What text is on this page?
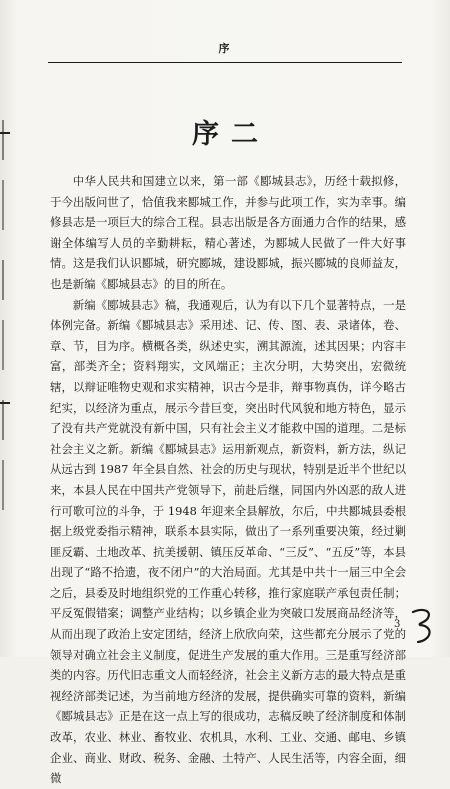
序
序二

中华人民共和国建立以来，第一部《郾城县志》，历经十载拟修，于今出版问世了，恰值我来郾城工作，并参与此项工作，实为幸事。编修县志是一项巨大的综合工程。县志出版是各方面通力合作的结果，感谢全体编写人员的辛勤耕耘，精心著述，为郾城人民做了一件大好事情。这是我们认识郾城，研究郾城，建设郾城，振兴郾城的良师益友，也是新编《郾城县志》的目的所在。

新编《郾城县志》稿，我通观后，认为有以下几个显著特点，一是体例完备。新编《郾城县志》采用述、记、传、图、表、录诸体，卷、章、节，目为序。横概各类，纵述史实，溯其源流，述其因果；内容丰富，部类齐全；资料翔实，文风端正；主次分明，大势突出，宏微统辖，以辩证唯物史观和求实精神，识古今是非，辩事物真伪，详今略古纪实，以经济为重点，展示今昔巨变，突出时代风貌和地方特色，显示了没有共产党就没有新中国，只有社会主义才能救中国的道理。二是标社会主义之新。新编《郾城县志》运用新观点，新资料，新方法，纵记从远古到 1987 年全县自然、社会的历史与现状，特别是近半个世纪以来，本县人民在中国共产党领导下，前赴后继，同国内外凶恶的敌人进行可歌可泣的斗争，于 1948 年迎来全县解放，尔后，中共郾城县委根据上级党委指示精神，联系本县实际，做出了一系列重要决策，经过剿匪反霸、土地改革、抗美援朝、镇压反革命、“三反”、“五反”等，本县出现了“路不拾遗，夜不闭户”的大治局面。尤其是中共十一届三中全会之后，县委及时地组织党的工作重心转移，推行家庭联产承包责任制；平反冤假错案；调整产业结构；以乡镇企业为突破口发展商品经济等，从而出现了政治上安定团结，经济上欣欣向荣，这些都充分展示了党的领导对确立社会主义制度，促进生产发展的重大作用。三是重写经济部类的内容。历代旧志重文人而轻经济，社会主义新方志的最大特点是重视经济部类记述，为当前地方经济的发展，提供确实可靠的资料，新编《郾城县志》正是在这一点上写的很成功，志稿反映了经济制度和体制改革，农业、林业、畜牧业、农机具，水利、工业、交通、邮电、乡镇企业、商业、财政、税务、金融、土特产、人民生活等，内容全面，细微

3
